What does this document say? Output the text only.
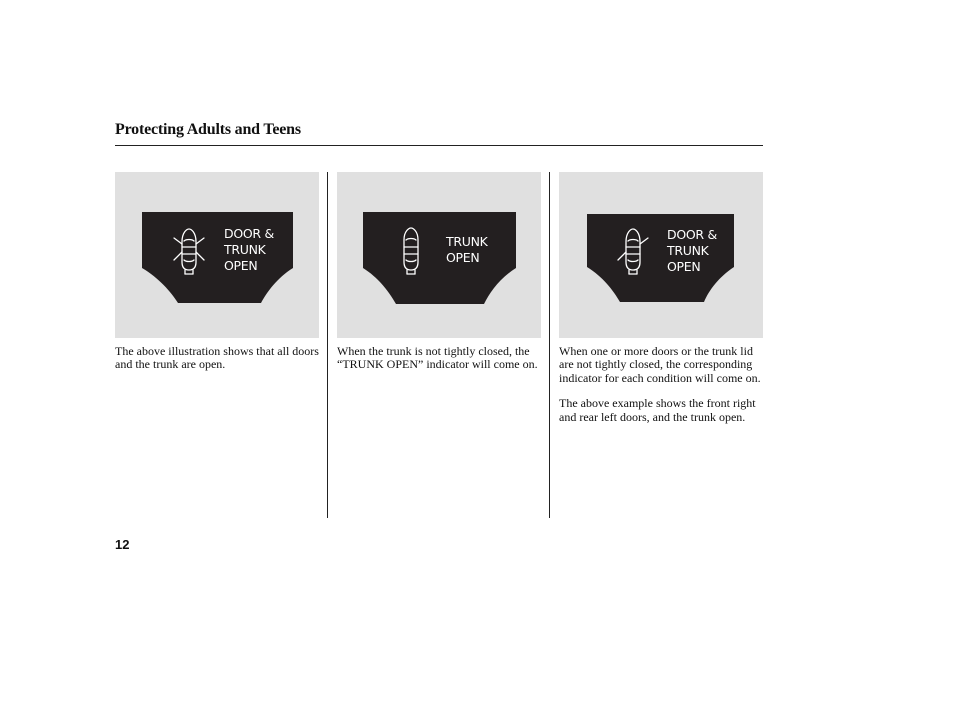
Protecting Adults and Teens
DOOR &
TRUNK
OPEN
TRUNK
OPEN
DOOR &
TRUNK
OPEN

The above illustration shows that all doors and the trunk are open.

When the trunk is not tightly closed, the “TRUNK OPEN” indicator will come on.

When one or more doors or the trunk lid are not tightly closed, the corresponding indicator for each condition will come on.

The above example shows the front right and rear left doors, and the trunk open.

12
